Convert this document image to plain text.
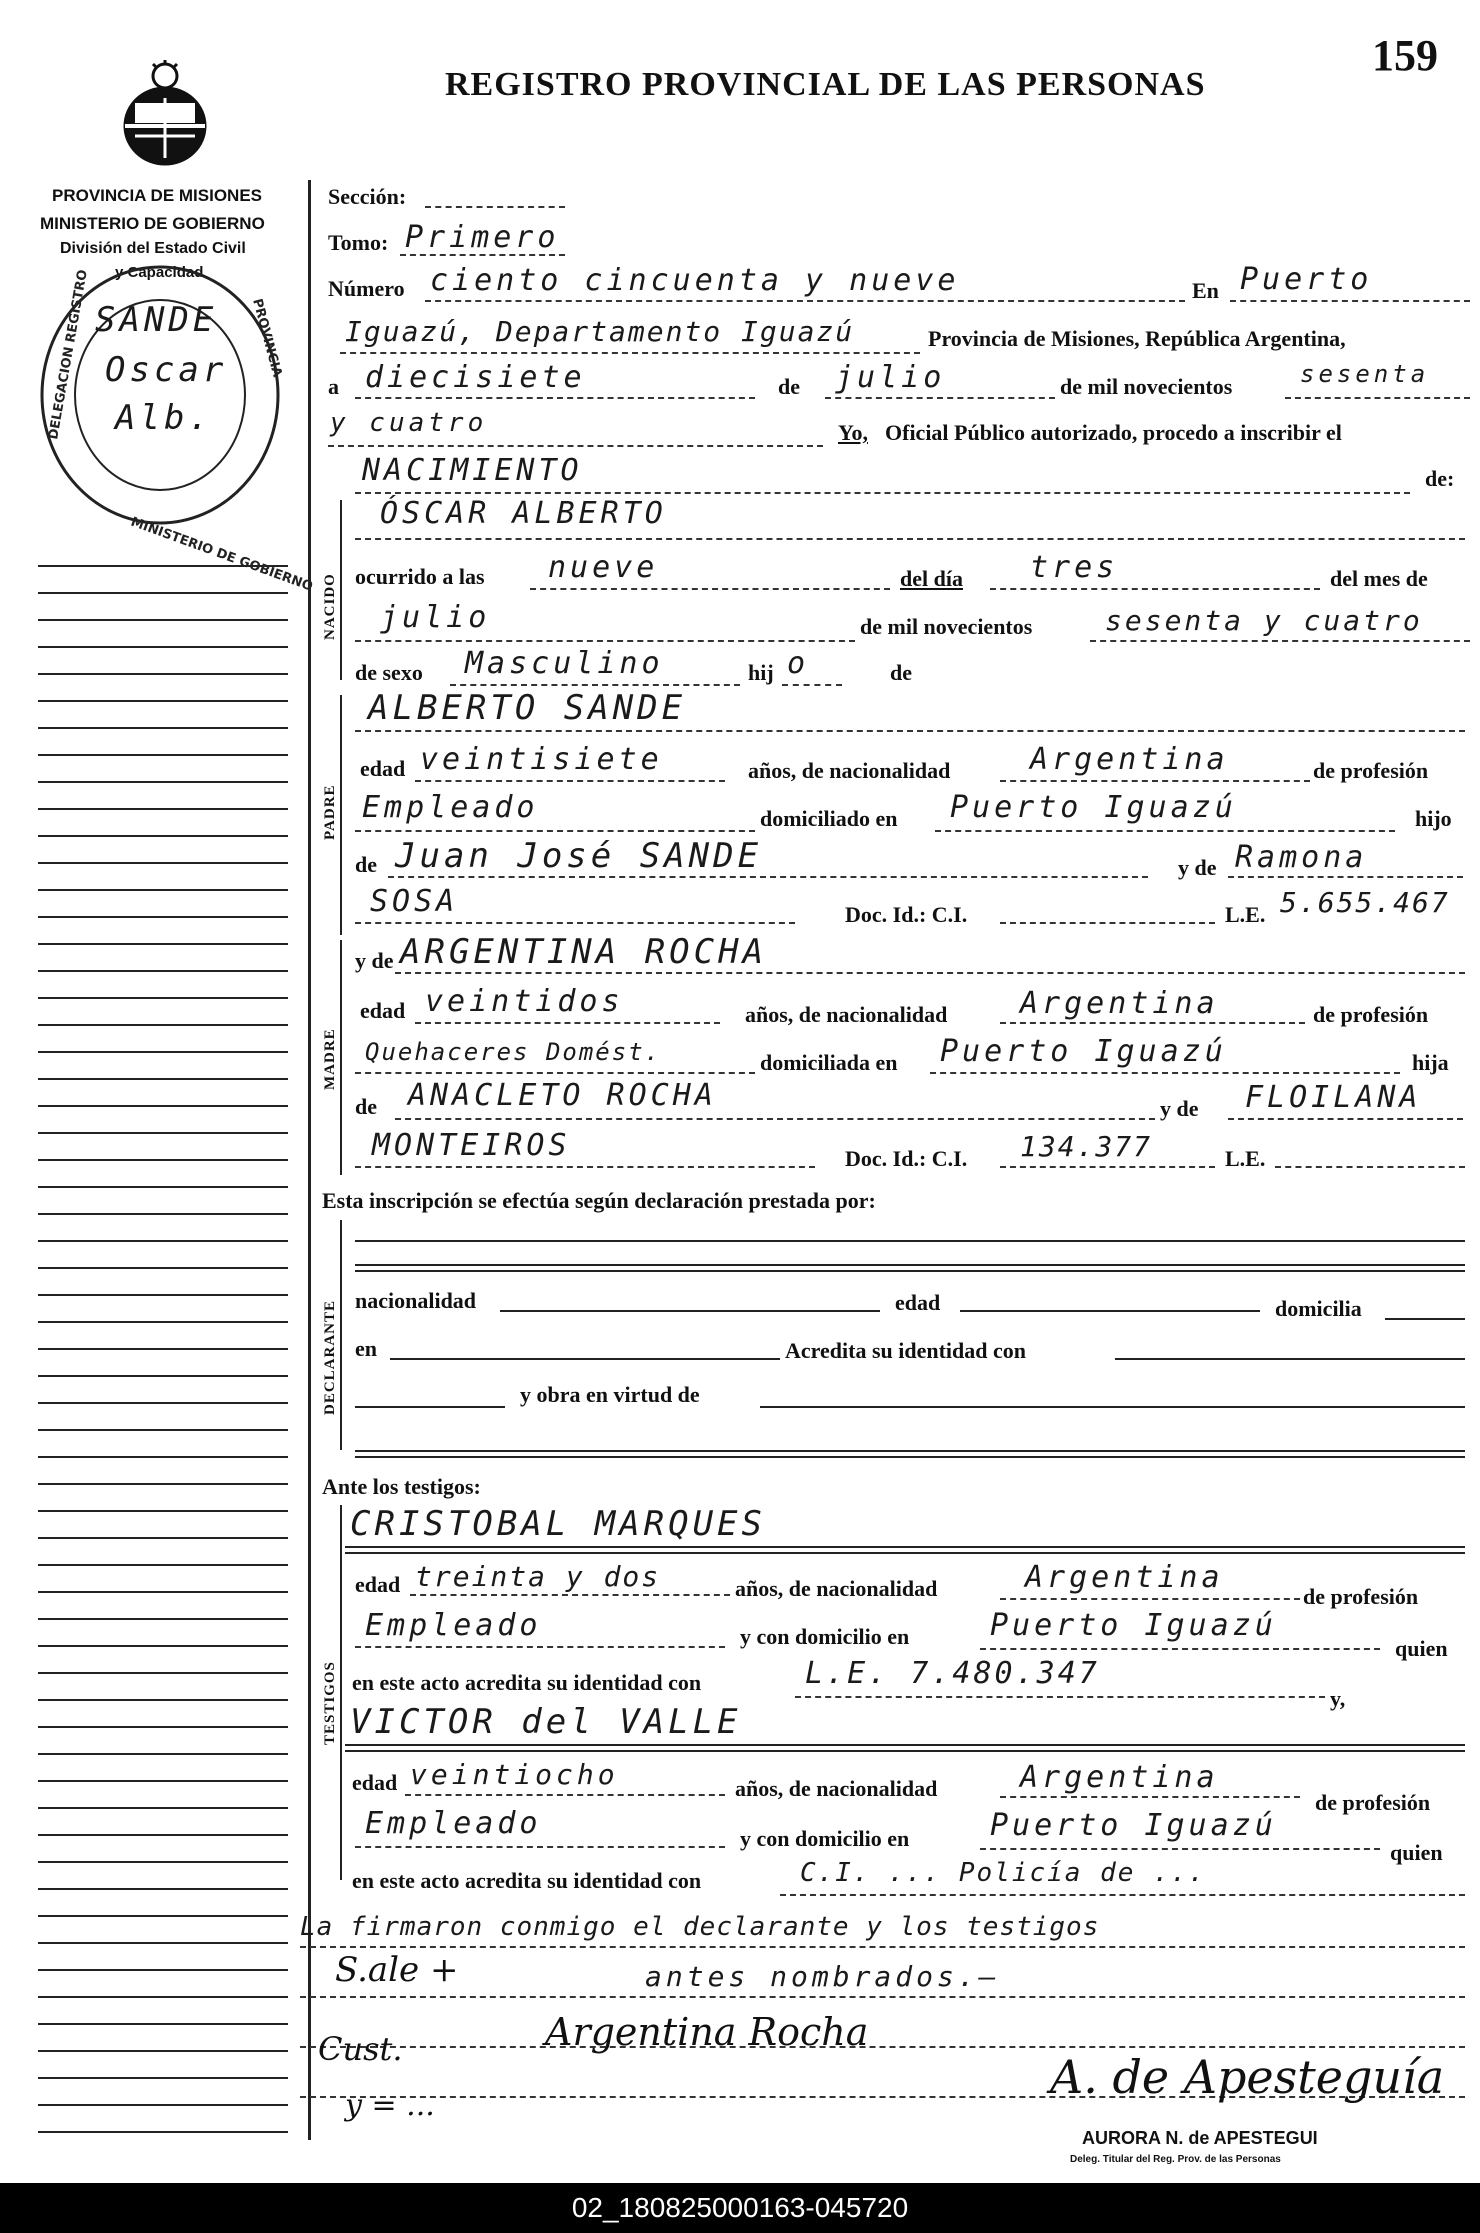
159
REGISTRO PROVINCIAL DE LAS PERSONAS
PROVINCIA DE MISIONES
MINISTERIO DE GOBIERNO
División del Estado Civil
y Capacidad
DELEGACION REGISTRO
MINISTERIO DE GOBIERNO
PROVINCIA
SANDE
Oscar
Alb.
Sección:
Tomo: Primero
Número ciento cincuenta y nueve	En Puerto
Iguazú, Departamento Iguazú	Provincia de Misiones, República Argentina,
a diecisiete	de julio	de mil novecientos	sesenta
y cuatro	Yo, Oficial Público autorizado, procedo a inscribir el
NACIMIENTO	de:
NACIDO
ÓSCAR ALBERTO
ocurrido a las nueve	del día tres	del mes de
julio	de mil novecientos	sesenta y cuatro
de sexo Masculino	hij o	de
PADRE
ALBERTO SANDE
edad veintisiete	años, de nacionalidad	Argentina	de profesión
Empleado	domiciliado en Puerto Iguazú	hijo
de Juan José SANDE	y de Ramona
SOSA	Doc. Id.: C.I.	L.E. 5.655.467
MADRE
y de ARGENTINA ROCHA
edad veintidos	años, de nacionalidad Argentina	de profesión
Quehaceres Domést.	domiciliada en Puerto Iguazú	hija
de ANACLETO ROCHA	y de FLOILANA
MONTEIROS	Doc. Id.: C.I. 134.377	L.E.
Esta inscripción se efectúa según declaración prestada por:
DECLARANTE nacionalidad	edad	domicilia
en	Acredita su identidad con
y obra en virtud de
Ante los testigos:
TESTIGOS
CRISTOBAL MARQUES
edad treinta y dos	años, de nacionalidad	Argentina
de profesión
Empleado	y con domicilio en	Puerto Iguazú
quien
en este acto acredita su identidad con	L.E. 7.480.347
y,
VICTOR del VALLE
edad veintiocho	años, de nacionalidad	Argentina
de profesión
Empleado	y con domicilio en	Puerto Iguazú
quien
en este acto acredita su identidad con	C.I. ... Policía de ...
La firmaron conmigo el declarante y los testigos
antes nombrados.—
S.ale +
Argentina Rocha
Cust.
y = ...
A. de Apesteguía
AURORA N. de APESTEGUI
Deleg. Titular del Reg. Prov. de las Personas
02_180825000163-045720
